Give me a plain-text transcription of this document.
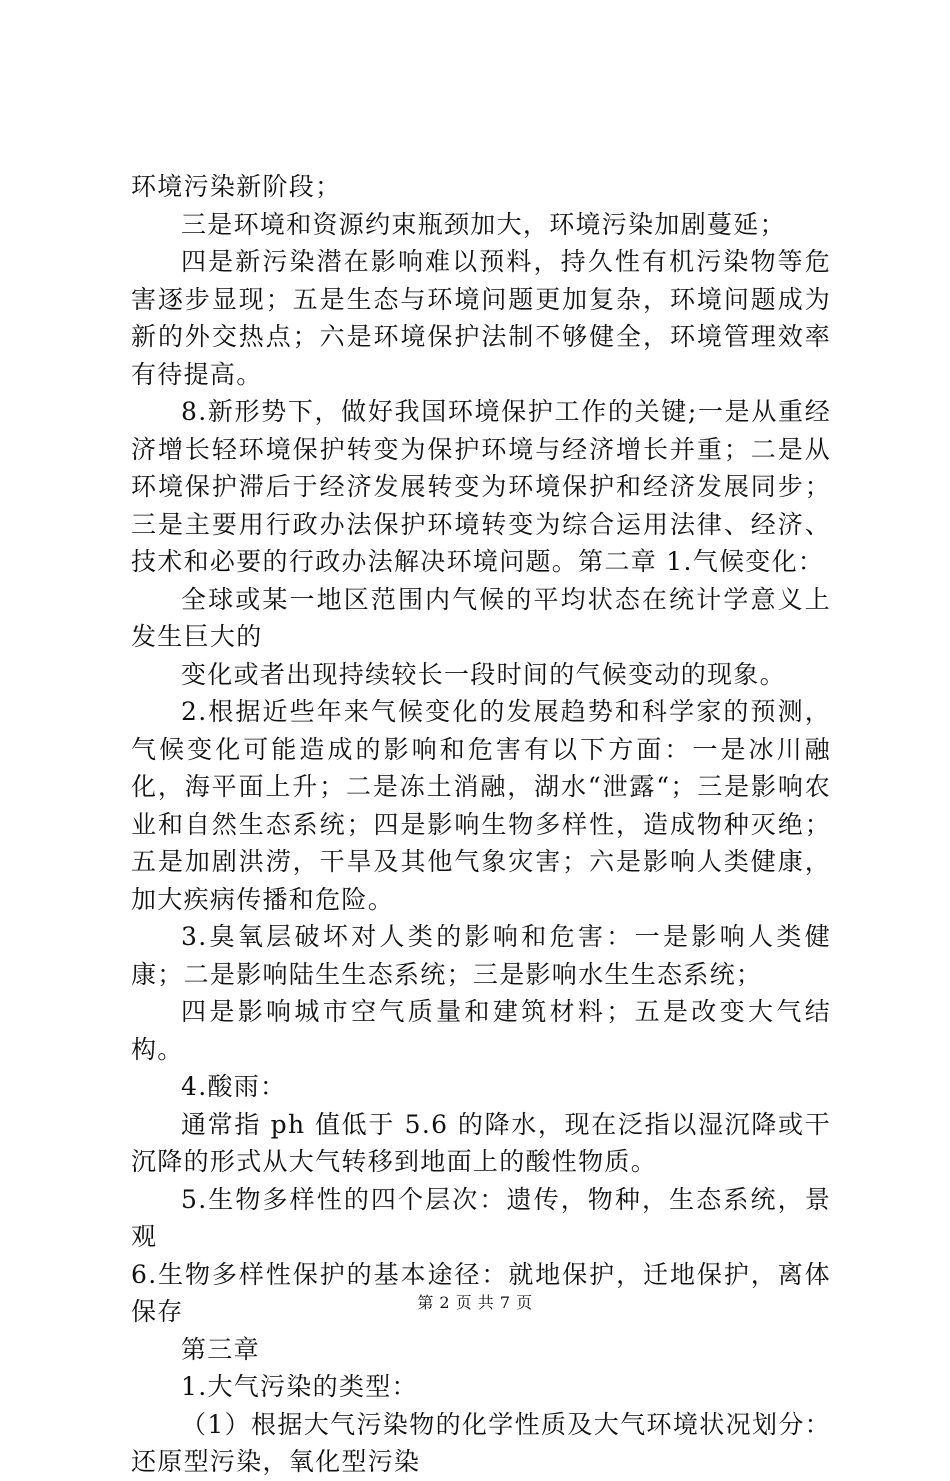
环境污染新阶段；

三是环境和资源约束瓶颈加大，环境污染加剧蔓延；

四是新污染潜在影响难以预料，持久性有机污染物等危害逐步显现；五是生态与环境问题更加复杂，环境问题成为新的外交热点；六是环境保护法制不够健全，环境管理效率有待提高。

8.新形势下，做好我国环境保护工作的关键;一是从重经济增长轻环境保护转变为保护环境与经济增长并重；二是从环境保护滞后于经济发展转变为环境保护和经济发展同步；三是主要用行政办法保护环境转变为综合运用法律、经济、技术和必要的行政办法解决环境问题。第二章 1.气候变化：

全球或某一地区范围内气候的平均状态在统计学意义上发生巨大的

变化或者出现持续较长一段时间的气候变动的现象。

2.根据近些年来气候变化的发展趋势和科学家的预测，气候变化可能造成的影响和危害有以下方面：一是冰川融化，海平面上升；二是冻土消融，湖水“泄露“；三是影响农业和自然生态系统；四是影响生物多样性，造成物种灭绝；五是加剧洪涝，干旱及其他气象灾害；六是影响人类健康，加大疾病传播和危险。

3.臭氧层破坏对人类的影响和危害：一是影响人类健康；二是影响陆生生态系统；三是影响水生生态系统；

四是影响城市空气质量和建筑材料；五是改变大气结构。

4.酸雨：

通常指 ph 值低于 5.6 的降水，现在泛指以湿沉降或干沉降的形式从大气转移到地面上的酸性物质。

5.生物多样性的四个层次：遗传，物种，生态系统，景观

6.生物多样性保护的基本途径：就地保护，迁地保护，离体保存

第三章

1.大气污染的类型：

（1）根据大气污染物的化学性质及大气环境状况划分：还原型污染，氧化型污染

第 2 页 共 7 页
